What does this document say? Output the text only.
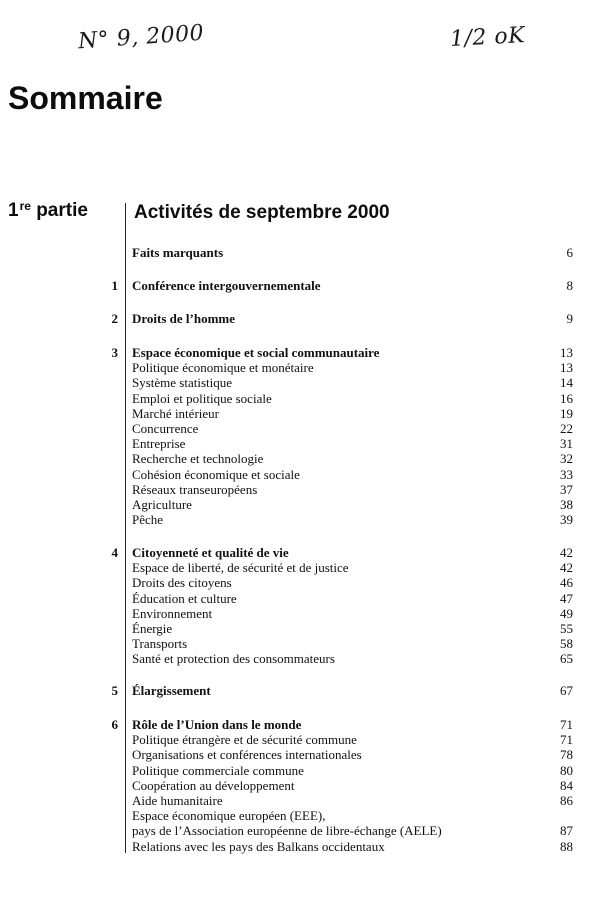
N° 9, 2000	1/2 oK
Sommaire
1re partie Activités de septembre 2000
Faits marquants	6
1 Conférence intergouvernementale	8
2 Droits de l’homme	9
3 Espace économique et social communautaire	13
Politique économique et monétaire	13
Système statistique	14
Emploi et politique sociale	16
Marché intérieur	19
Concurrence	22
Entreprise	31
Recherche et technologie	32
Cohésion économique et sociale	33
Réseaux transeuropéens	37
Agriculture	38
Pêche	39
4 Citoyenneté et qualité de vie	42
Espace de liberté, de sécurité et de justice	42
Droits des citoyens	46
Éducation et culture	47
Environnement	49
Énergie	55
Transports	58
Santé et protection des consommateurs	65
5 Élargissement	67
6 Rôle de l’Union dans le monde	71
Politique étrangère et de sécurité commune	71
Organisations et conférences internationales	78
Politique commerciale commune	80
Coopération au développement	84
Aide humanitaire	86
Espace économique européen (EEE),
pays de l’Association européenne de libre-échange (AELE)	87
Relations avec les pays des Balkans occidentaux	88
